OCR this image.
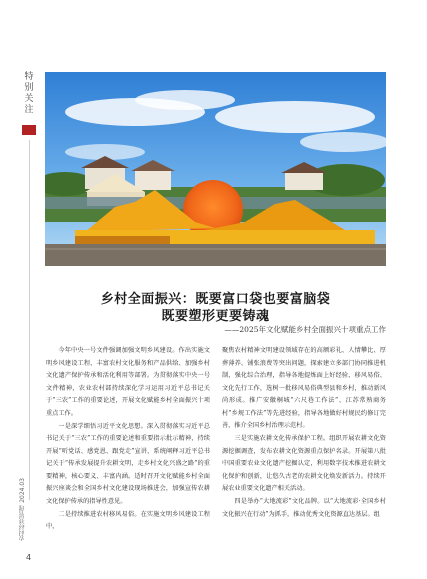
特
别
关
注
农村经营管理 2024.03
4
乡村全面振兴：既要富口袋也要富脑袋
既要塑形更要铸魂
——2025年文化赋能乡村全面振兴十项重点工作

今年中央一号文件强调加强文明乡风建设。作出实施文明乡风建设工程、丰富农村文化服务和产品供给、加强乡村文化遗产保护传承和活化利用等部署。为贯彻落实中央一号文件精神，农业农村部持续深化学习运用习近平总书记关于“三农”工作的重要论述，开展文化赋能乡村全面振兴十项重点工作。

一是深学细悟习近平文化思想。深入贯彻落实习近平总书记关于“三农”工作的重要论述和重要指示批示精神，持续开展“听党话、感党恩、跟党走”宣讲，系统阐释习近平总书记关于“传承发展提升农耕文明，走乡村文化兴盛之路”的重要精神，核心要义、丰富内涵。适时召开文化赋能乡村全面振兴座谈会和全国乡村文化建设现场推进会，加强宣传农耕文化保护传承的指导性意见。

二是持续推进农村移风易俗。在实施文明乡风建设工程中，

聚焦农村精神文明建设领域存在的高额彩礼、人情攀比、厚葬薄养、铺张浪费等突出问题，探索建立多部门协同推进机制，强化综合治理，指导各地提炼面上好经验、移风易俗、文化先行工作，选树一批移风易俗典型县和乡村，推动新风尚形成。推广安徽桐城“六尺巷工作法”、江苏常熟商务村“乡规工作法”等先进经验，指导各地做好村规民约修订完善，推介全国乡村治理示范村。

三是实施农耕文化传承保护工程。组织开展农耕文化资源挖掘调查，发布农耕文化资源重点保护名录。开展第八批中国重要农业文化遗产挖掘认定，利用数字技术推进农耕文化保护和创新，让悠久古老的农耕文化焕发新活力。持续开展农业重要文化遗产相关活动。

四是举办“大地流彩”文化品牌。以“大地流彩·全国乡村文化振兴在行动”为抓手，推动优秀文化资源直达基层。组
